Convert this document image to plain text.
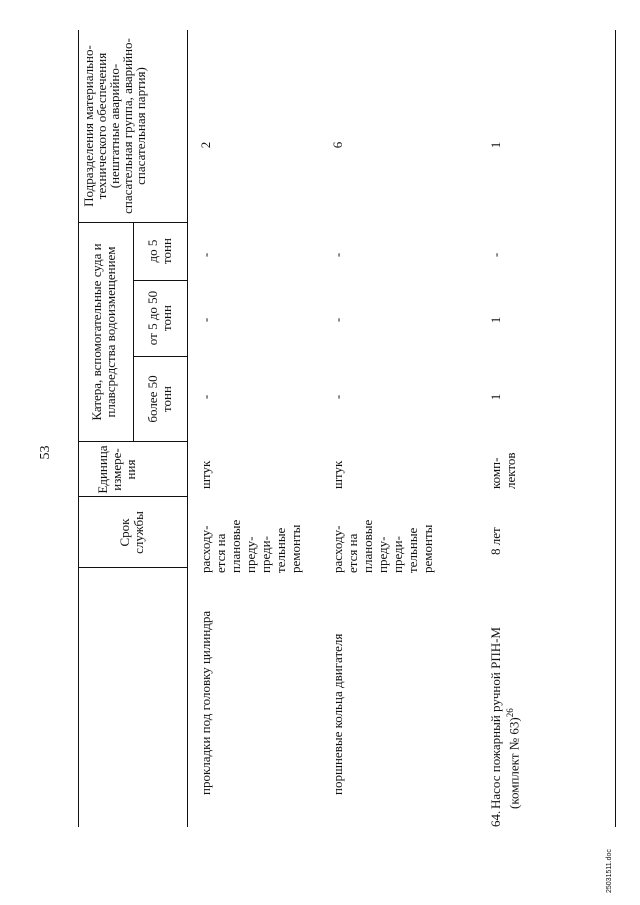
53
Срок службы
Единица измере- ния
Катера, вспомогательные суда и плавсредства водоизмещением более 50 тонн
от 5 до 50 тонн
до 5 тонн
Подразделения материально- технического обеспечения (нештатные аварийно- спасательная группа, аварийно- спасательная партия)
прокладки под головку цилиндра
расходу- ется на плановые преду- преди- тельные ремонты
штук
-
-
-
2
поршневые кольца двигателя
расходу- ется на плановые преду- преди- тельные ремонты
штук
-
-
-
6
64.
Насос пожарный ручной РПН-М (комплект № 63)$^{26}$
8 лет
комп- лектов
1
1
-
1
25031511.doc
